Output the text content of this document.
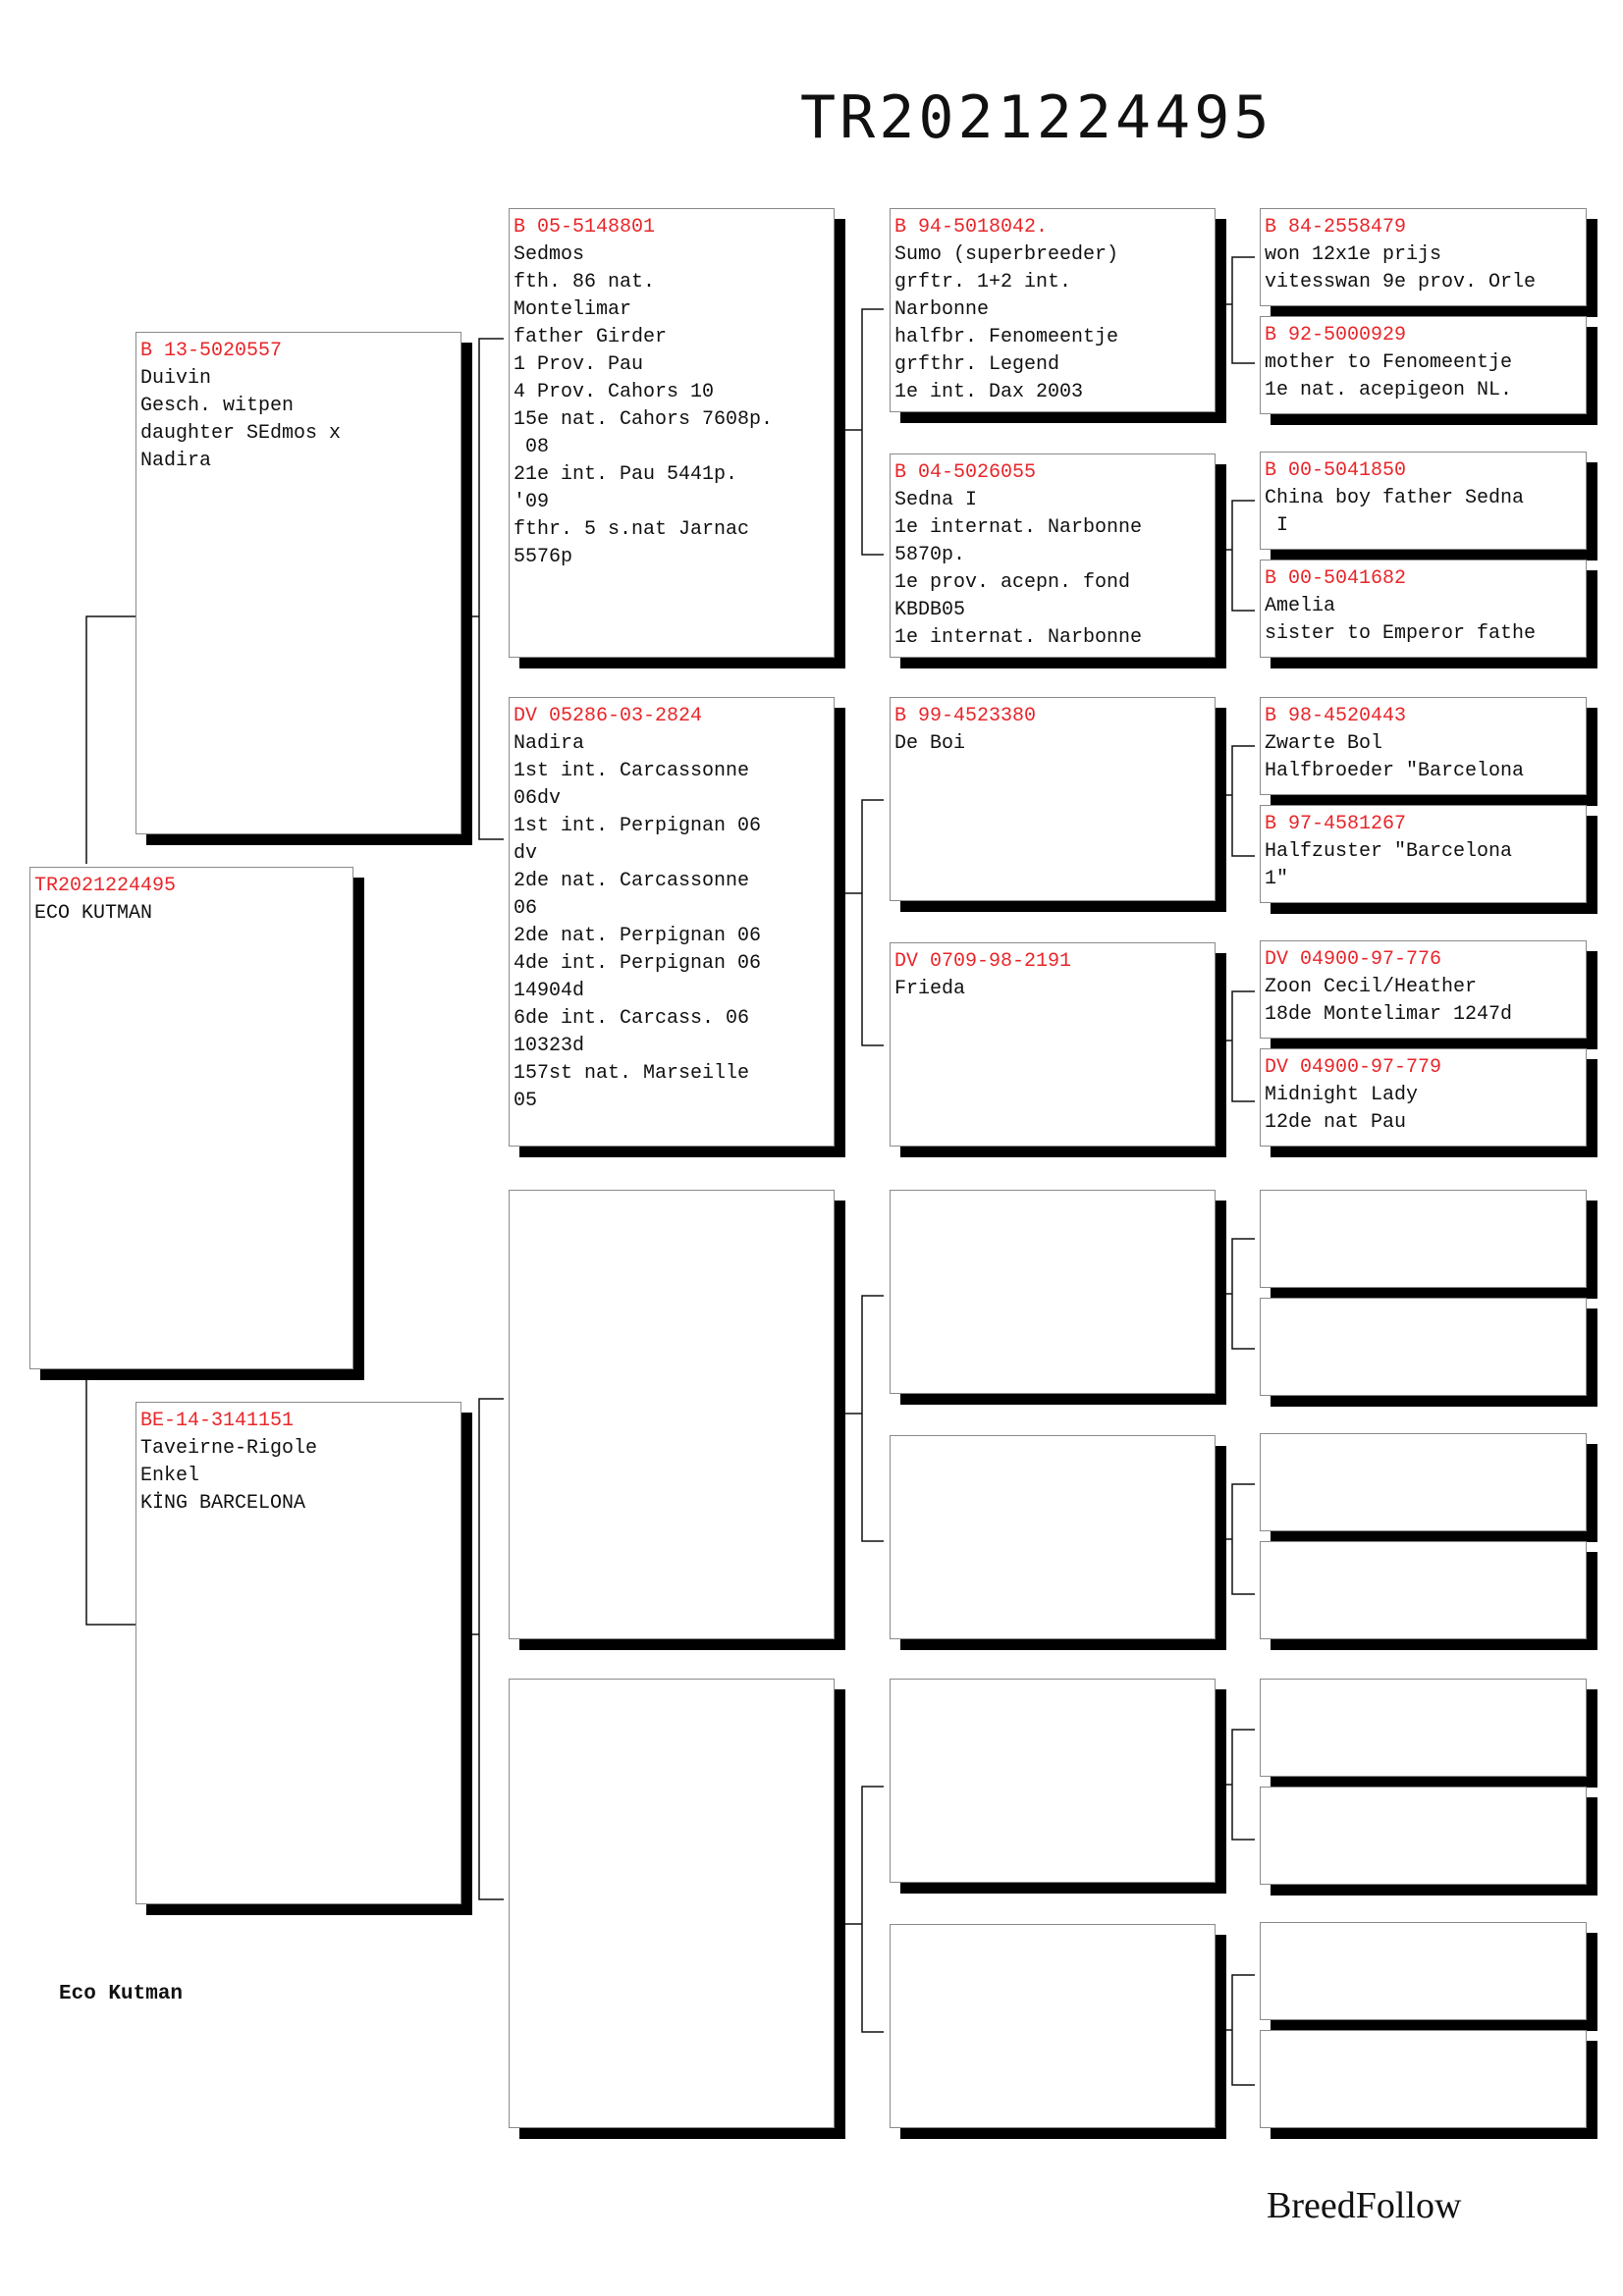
TR2021224495
TR2021224495
ECO KUTMAN
B 13-5020557
Duivin
Gesch. witpen
daughter SEdmos x
Nadira
BE-14-3141151
Taveirne-Rigole
Enkel
KİNG BARCELONA
B 05-5148801
Sedmos
fth. 86 nat.
Montelimar
father Girder
1 Prov. Pau
4 Prov. Cahors 10
15e nat. Cahors 7608p.
08
21e int. Pau 5441p.
'09
fthr. 5 s.nat Jarnac
5576p
DV 05286-03-2824
Nadira
1st int. Carcassonne
06dv
1st int. Perpignan 06
dv
2de nat. Carcassonne
06
2de nat. Perpignan 06
4de int. Perpignan 06
14904d
6de int. Carcass. 06
10323d
157st nat. Marseille
05
B 94-5018042.
Sumo (superbreeder)
grftr. 1+2 int.
Narbonne
halfbr. Fenomeentje
grfthr. Legend
1e int. Dax 2003
B 04-5026055
Sedna I
1e internat. Narbonne
5870p.
1e prov. acepn. fond
KBDB05
1e internat. Narbonne
B 99-4523380
De Boi
DV 0709-98-2191
Frieda
B 84-2558479
won 12x1e prijs
vitesswan 9e prov. Orle
B 92-5000929
mother to Fenomeentje
1e nat. acepigeon NL.
B 00-5041850
China boy father Sedna
I
B 00-5041682
Amelia
sister to Emperor fathe
B 98-4520443
Zwarte Bol
Halfbroeder "Barcelona
B 97-4581267
Halfzuster "Barcelona
1"
DV 04900-97-776
Zoon Cecil/Heather
18de Montelimar 1247d
DV 04900-97-779
Midnight Lady
12de nat Pau
Eco Kutman
BreedFollow
